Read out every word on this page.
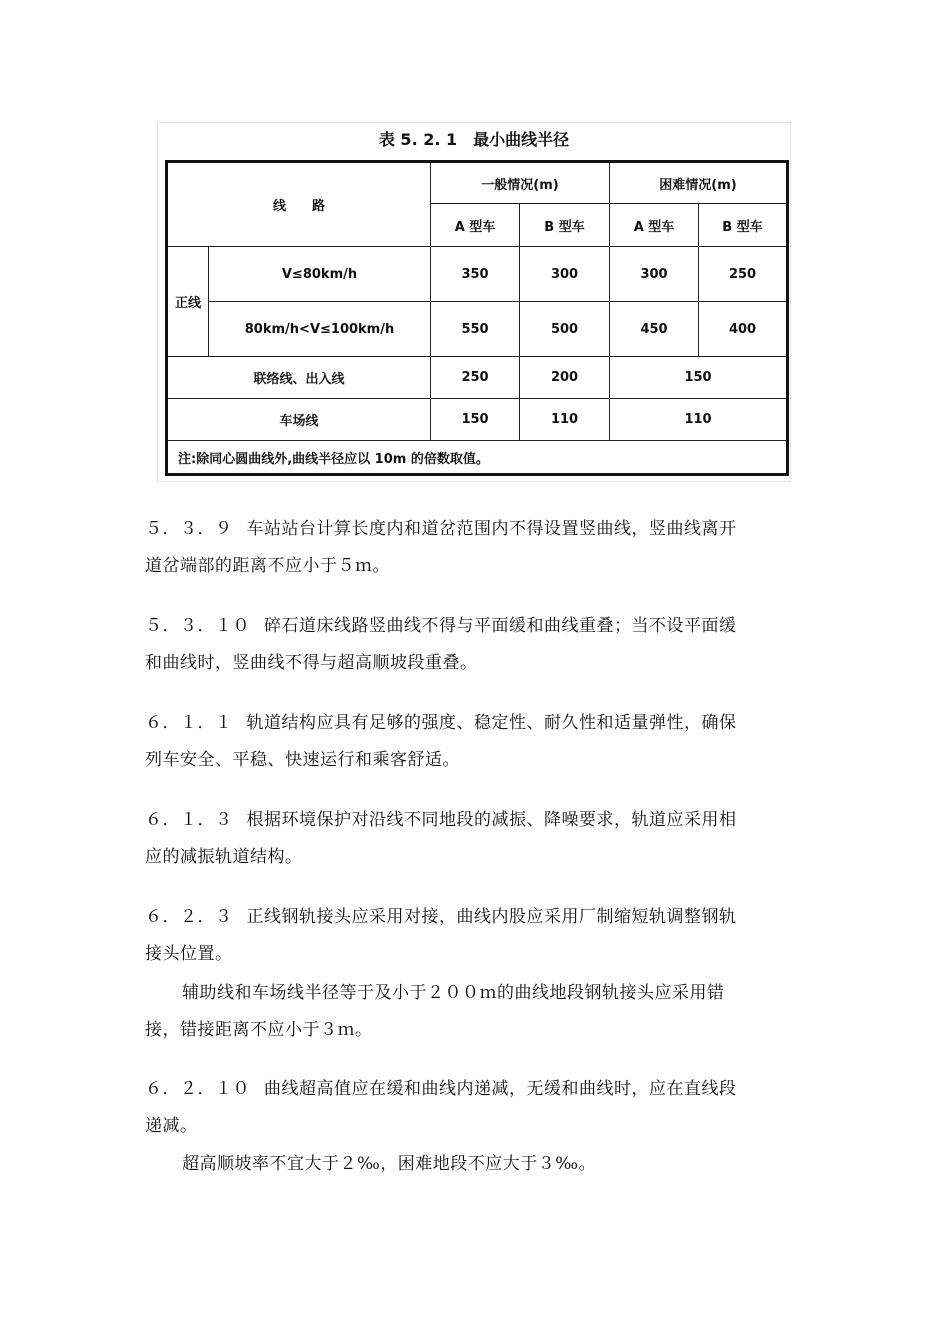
表 5. 2. 1　最小曲线半径
线　　路		一般情况(m)		困难情况(m)	
		A 型车	B 型车	A 型车	B 型车
正线	V≤80km/h	350	300	300	250
	80km/h<V≤100km/h	550	500	450	400
联络线、出入线		250	200	150	
车场线		150	110	110	
注:除同心圆曲线外,曲线半径应以 10m 的倍数取值。					
５．３．９ 车站站台计算长度内和道岔范围内不得设置竖曲线，竖曲线离开
道岔端部的距离不应小于５ｍ。
５．３．１０ 碎石道床线路竖曲线不得与平面缓和曲线重叠；当不设平面缓
和曲线时，竖曲线不得与超高顺坡段重叠。
６．１．１ 轨道结构应具有足够的强度、稳定性、耐久性和适量弹性，确保
列车安全、平稳、快速运行和乘客舒适。
６．１．３ 根据环境保护对沿线不同地段的减振、降噪要求，轨道应采用相
应的减振轨道结构。
６．２．３ 正线钢轨接头应采用对接，曲线内股应采用厂制缩短轨调整钢轨
接头位置。
辅助线和车场线半径等于及小于２００ｍ的曲线地段钢轨接头应采用错
接，错接距离不应小于３ｍ。
６．２．１０ 曲线超高值应在缓和曲线内递减，无缓和曲线时，应在直线段
递减。
超高顺坡率不宜大于２‰，困难地段不应大于３‰。
